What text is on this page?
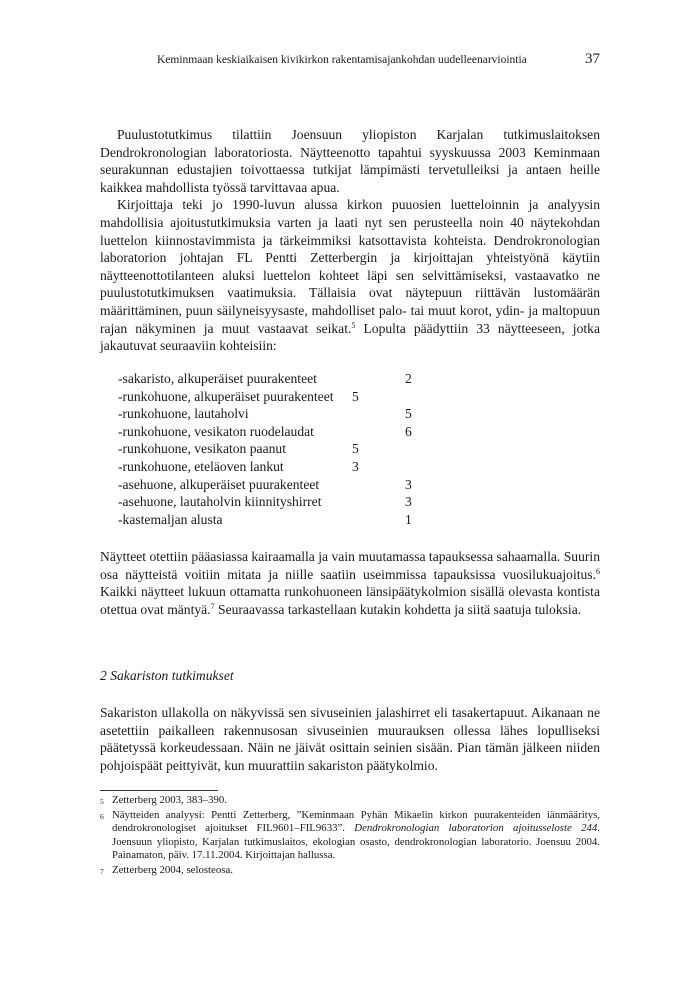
Keminmaan keskiaikaisen kivikirkon rakentamisajankohdan uudelleenarviointia	37

Puulustotutkimus tilattiin Joensuun yliopiston Karjalan tutkimuslaitoksen Dendrokronologian laboratoriosta. Näytteenotto tapahtui syyskuussa 2003 Keminmaan seurakunnan edustajien toivottaessa tutkijat lämpimästi tervetulleiksi ja antaen heille kaikkea mahdollista työssä tarvittavaa apua.

Kirjoittaja teki jo 1990-luvun alussa kirkon puuosien luetteloinnin ja analyysin mahdollisia ajoitustutkimuksia varten ja laati nyt sen perusteella noin 40 näytekohdan luettelon kiinnostavimmista ja tärkeimmiksi katsottavista kohteista. Dendrokronologian laboratorion johtajan FL Pentti Zetterbergin ja kirjoittajan yhteistyönä käytiin näytteenottotilanteen aluksi luettelon kohteet läpi sen selvittämiseksi, vastaavatko ne puulustotutkimuksen vaatimuksia. Tällaisia ovat näytepuun riittävän lustomäärän määrittäminen, puun säilyneisyysaste, mahdolliset palo- tai muut korot, ydin- ja maltopuun rajan näkyminen ja muut vastaavat seikat.$^5$ Lopulta päädyttiin 33 näytteeseen, jotka jakautuvat seuraaviin kohteisiin:

-sakaristo, alkuperäiset puurakenteet	2
-runkohuone, alkuperäiset puurakenteet 5
-runkohuone, lautaholvi	5
-runkohuone, vesikaton ruodelaudat	6
-runkohuone, vesikaton paanut	5
-runkohuone, eteläoven lankut	3
-asehuone, alkuperäiset puurakenteet	3
-asehuone, lautaholvin kiinnityshirret	3
-kastemaljan alusta	1

Näytteet otettiin pääasiassa kairaamalla ja vain muutamassa tapauksessa sahaamalla. Suurin osa näytteistä voitiin mitata ja niille saatiin useimmissa tapauksissa vuosilukuajoitus.$^6$ Kaikki näytteet lukuun ottamatta runkohuoneen länsipäätykolmion sisällä olevasta kontista otettua ovat mäntyä.$^7$ Seuraavassa tarkastellaan kutakin kohdetta ja siitä saatuja tuloksia.

2 Sakariston tutkimukset

Sakariston ullakolla on näkyvissä sen sivuseinien jalashirret eli tasakertapuut. Aikanaan ne asetettiin paikalleen rakennusosan sivuseinien muurauksen ollessa lähes lopulliseksi päätetyssä korkeudessaan. Näin ne jäivät osittain seinien sisään. Pian tämän jälkeen niiden pohjoispäät peittyivät, kun muurattiin sakariston päätykolmio.

5 Zetterberg 2003, 383–390.
6 Näytteiden analyysi: Pentti Zetterberg, ”Keminmaan Pyhän Mikaelin kirkon puurakenteiden iänmääritys, dendrokronologiset ajoitukset FIL9601–FIL9633”. Dendrokronologian laboratorion ajoitusseloste 244. Joensuun yliopisto, Karjalan tutkimuslaitos, ekologian osasto, dendrokronologian laboratorio. Joensuu 2004. Painamaton, päiv. 17.11.2004. Kirjoittajan hallussa.
7 Zetterberg 2004, selosteosa.
